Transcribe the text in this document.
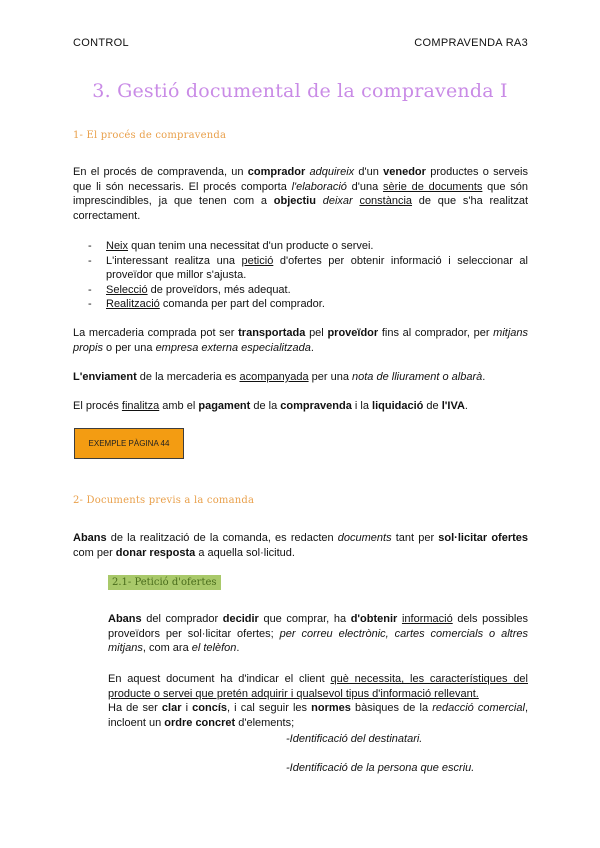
CONTROL	COMPRAVENDA RA3
3. Gestió documental de la compravenda I
1- El procés de compravenda
En el procés de compravenda, un comprador adquireix d'un venedor productes o serveis que li són necessaris. El procés comporta l'elaboració d'una sèrie de documents que són imprescindibles, ja que tenen com a objectiu deixar constància de que s'ha realitzat correctament.
- Neix quan tenim una necessitat d'un producte o servei.
- L'interessant realitza una petició d'ofertes per obtenir informació i seleccionar al proveïdor que millor s'ajusta.
- Selecció de proveïdors, més adequat.
- Realització comanda per part del comprador.
La mercaderia comprada pot ser transportada pel proveïdor fins al comprador, per mitjans propis o per una empresa externa especialitzada.
L'enviament de la mercaderia es acompanyada per una nota de lliurament o albarà.
El procés finalitza amb el pagament de la compravenda i la liquidació de l'IVA.
EXEMPLE PÀGINA 44
2- Documents previs a la comanda
Abans de la realització de la comanda, es redacten documents tant per sol·licitar ofertes com per donar resposta a aquella sol·licitud.
2.1- Petició d'ofertes
Abans del comprador decidir que comprar, ha d'obtenir informació dels possibles proveïdors per sol·licitar ofertes; per correu electrònic, cartes comercials o altres mitjans, com ara el telèfon.
En aquest document ha d'indicar el client què necessita, les característiques del producte o servei que pretén adquirir i qualsevol tipus d'informació rellevant.
Ha de ser clar i concís, i cal seguir les normes bàsiques de la redacció comercial, incloent un ordre concret d'elements;
-Identificació del destinatari.
-Identificació de la persona que escriu.
